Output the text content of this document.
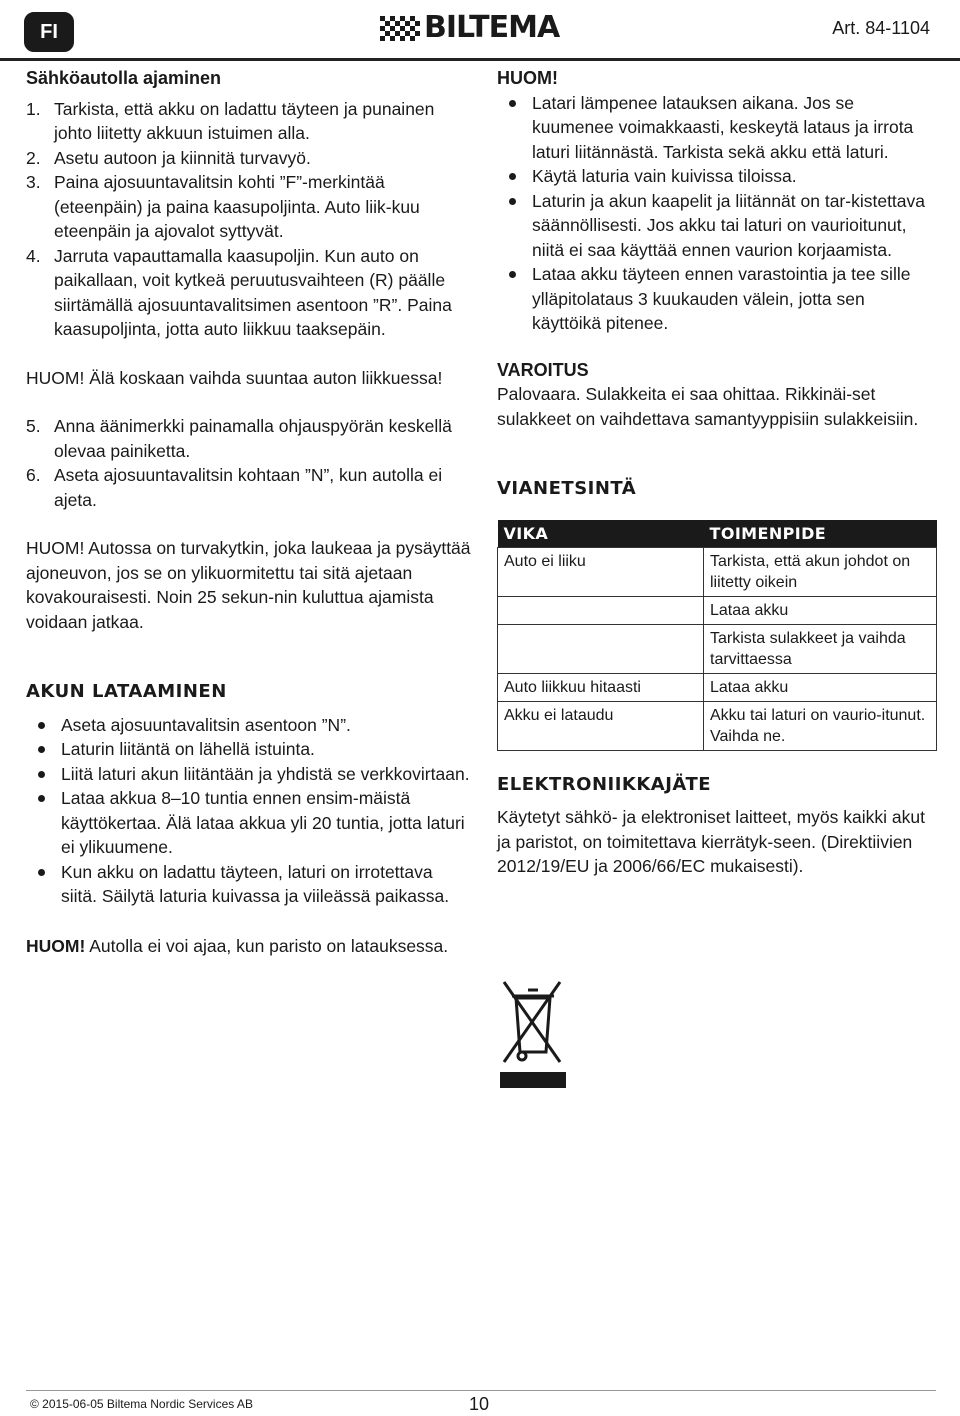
FI	BILTEMA	Art. 84-1104

Sähköautolla ajaminen

1. Tarkista, että akku on ladattu täyteen ja punainen johto liitetty akkuun istuimen alla.
2. Asetu autoon ja kiinnitä turvavyö.
3. Paina ajosuuntavalitsin kohti ”F”-merkintää (eteenpäin) ja paina kaasupoljinta. Auto liik-kuu eteenpäin ja ajovalot syttyvät.
4. Jarruta vapauttamalla kaasupoljin. Kun auto on paikallaan, voit kytkeä peruutusvaihteen (R) päälle siirtämällä ajosuuntavalitsimen asentoon ”R”. Paina kaasupoljinta, jotta auto liikkuu taaksepäin.

HUOM! Älä koskaan vaihda suuntaa auton liikkuessa!

5. Anna äänimerkki painamalla ohjauspyörän keskellä olevaa painiketta.
6. Aseta ajosuuntavalitsin kohtaan ”N”, kun autolla ei ajeta.

HUOM! Autossa on turvakytkin, joka laukeaa ja pysäyttää ajoneuvon, jos se on ylikuormitettu tai sitä ajetaan kovakouraisesti. Noin 25 sekun-nin kuluttua ajamista voidaan jatkaa.

AKUN LATAAMINEN

Aseta ajosuuntavalitsin asentoon ”N”.
Laturin liitäntä on lähellä istuinta.
Liitä laturi akun liitäntään ja yhdistä se verkkovirtaan.
Lataa akkua 8–10 tuntia ennen ensim-mäistä käyttökertaa. Älä lataa akkua yli 20 tuntia, jotta laturi ei ylikuumene.
Kun akku on ladattu täyteen, laturi on irrotettava siitä. Säilytä laturia kuivassa ja viileässä paikassa.

HUOM! Autolla ei voi ajaa, kun paristo on latauksessa.

HUOM!

Latari lämpenee latauksen aikana. Jos se kuumenee voimakkaasti, keskeytä lataus ja irrota laturi liitännästä. Tarkista sekä akku että laturi.
Käytä laturia vain kuivissa tiloissa.
Laturin ja akun kaapelit ja liitännät on tar-kistettava säännöllisesti. Jos akku tai laturi on vaurioitunut, niitä ei saa käyttää ennen vaurion korjaamista.
Lataa akku täyteen ennen varastointia ja tee sille ylläpitolataus 3 kuukauden välein, jotta sen käyttöikä pitenee.

VAROITUS

Palovaara. Sulakkeita ei saa ohittaa. Rikkinäi-set sulakkeet on vaihdettava samantyyppisiin sulakkeisiin.

VIANETSINTÄ

VIKA	TOIMENPIDE
Auto ei liiku	Tarkista, että akun johdot on liitetty oikein
	Lataa akku
	Tarkista sulakkeet ja vaihda tarvittaessa
Auto liikkuu hitaasti	Lataa akku
Akku ei lataudu	Akku tai laturi on vaurio-itunut. Vaihda ne.

ELEKTRONIIKKAJÄTE

Käytetyt sähkö- ja elektroniset laitteet, myös kaikki akut ja paristot, on toimitettava kierrätyk-seen. (Direktiivien 2012/19/EU ja 2006/66/EC mukaisesti).

© 2015-06-05 Biltema Nordic Services AB	10
